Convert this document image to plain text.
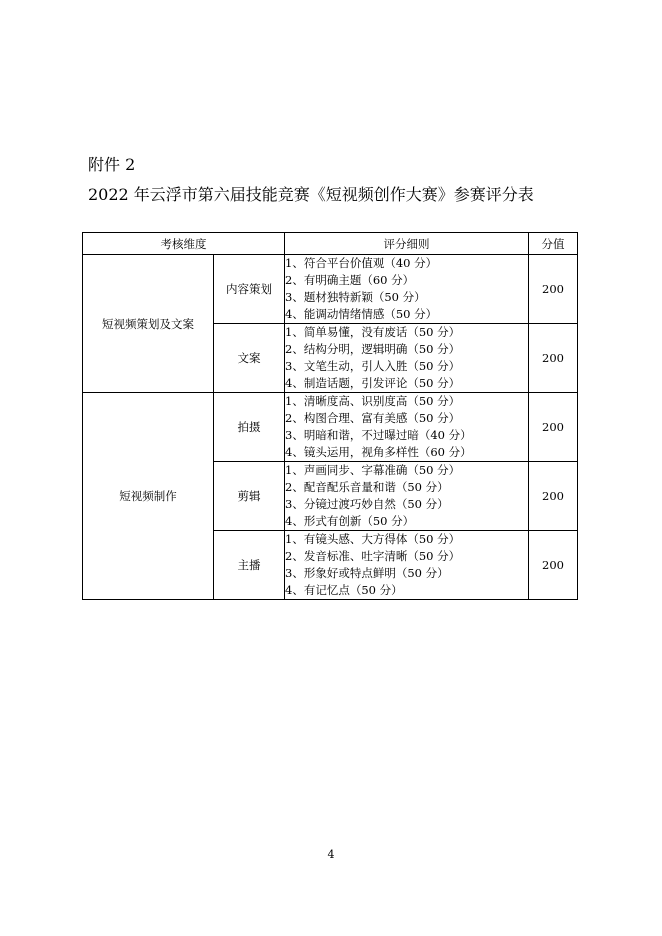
附件 2
2022 年云浮市第六届技能竞赛《短视频创作大赛》参赛评分表
考核维度		评分细则	分值
短视频策划及文案	内容策划	1、符合平台价值观（40 分）
2、有明确主题（60 分）
3、题材独特新颖（50 分）
4、能调动情绪情感（50 分）	200
	文案	1、简单易懂，没有废话（50 分）
2、结构分明，逻辑明确（50 分）
3、文笔生动，引人入胜（50 分）
4、制造话题，引发评论（50 分）	200
短视频制作	拍摄	1、清晰度高、识别度高（50 分）
2、构图合理、富有美感（50 分）
3、明暗和谐，不过曝过暗（40 分）
4、镜头运用，视角多样性（60 分）	200
	剪辑	1、声画同步、字幕准确（50 分）
2、配音配乐音量和谐（50 分）
3、分镜过渡巧妙自然（50 分）
4、形式有创新（50 分）	200
	主播	1、有镜头感、大方得体（50 分）
2、发音标准、吐字清晰（50 分）
3、形象好或特点鲜明（50 分）
4、有记忆点（50 分）	200
4
